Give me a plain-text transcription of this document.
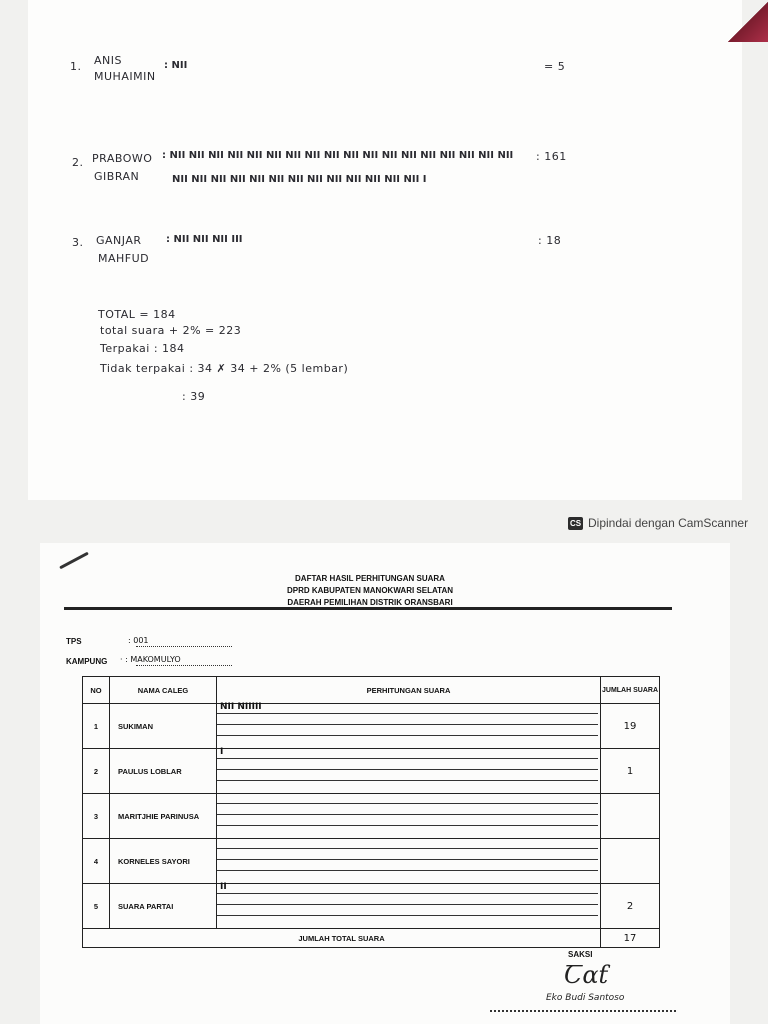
1. ANIS
MUHAIMIN
: ΝΙΙ	= 5
2. PRABOWO
GIBRAN
: ΝΙΙ ΝΙΙ ΝΙΙ ΝΙΙ ΝΙΙ ΝΙΙ ΝΙΙ ΝΙΙ ΝΙΙ ΝΙΙ ΝΙΙ ΝΙΙ ΝΙΙ ΝΙΙ ΝΙΙ ΝΙΙ ΝΙΙ ΝΙΙ
ΝΙΙ ΝΙΙ ΝΙΙ ΝΙΙ ΝΙΙ ΝΙΙ ΝΙΙ ΝΙΙ ΝΙΙ ΝΙΙ ΝΙΙ ΝΙΙ ΝΙΙ Ι
: 161
3. GANJAR
MAHFUD
: ΝΙΙ ΝΙΙ ΝΙΙ ΙΙΙ	: 18
TOTAL = 184
total suara + 2% = 223
Terpakai : 184
Tidak terpakai : 34 ✗ 34 + 2% (5 lembar)
: 39
CS Dipindai dengan CamScanner
DAFTAR HASIL PERHITUNGAN SUARA
DPRD KABUPATEN MANOKWARI SELATAN
DAERAH PEMILIHAN DISTRIK ORANSBARI
TPS	: 001
KAMPUNG · : MAKOMULYO
NO	NAMA CALEG	PERHITUNGAN SUARA	JUMLAH SUARA
1	SUKIMAN	ΝΙΙ ΝΙΙΙΙΙ	19
2	PAULUS LOBLAR	Ι	1
3	MARITJHIE PARINUSA	

4	KORNELES SAYORI	

5	SUARA PARTAI	ΙΙ	2
JUMLAH TOTAL SUARA			17
SAKSI
Ꞇɑƭ
Eko Budi Santoso
